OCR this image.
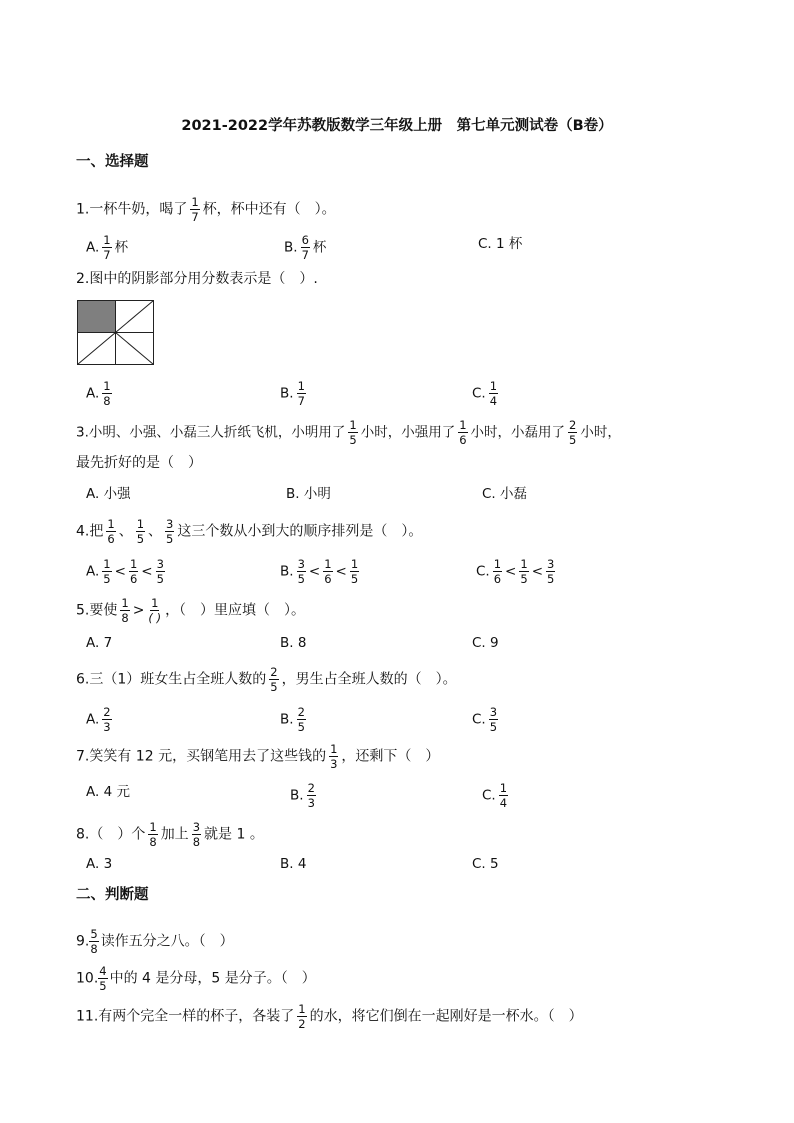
2021-2022学年苏教版数学三年级上册　第七单元测试卷（B卷）
一、选择题
1.一杯牛奶，喝了 $\frac{1}{7}$ 杯，杯中还有（　）。
A. $\frac{1}{7}$ 杯	B. $\frac{6}{7}$ 杯	C. 1 杯
2.图中的阴影部分用分数表示是（　）.
A. $\frac{1}{8}$	B. $\frac{1}{7}$	C. $\frac{1}{4}$
3.小明、小强、小磊三人折纸飞机，小明用了 $\frac{1}{5}$ 小时，小强用了 $\frac{1}{6}$ 小时，小磊用了 $\frac{2}{5}$ 小时，
最先折好的是（　）
A. 小强	B. 小明	C. 小磊
4.把 $\frac{1}{6}$ 、 $\frac{1}{5}$ 、 $\frac{3}{5}$ 这三个数从小到大的顺序排列是（　）。
A. $\frac{1}{5} < \frac{1}{6} < \frac{3}{5}$	B. $\frac{3}{5} < \frac{1}{6} < \frac{1}{5}$	C. $\frac{1}{6} < \frac{1}{5} < \frac{3}{5}$
5.要使 $\frac{1}{8} > 1$
( ) ，（　）里应填（　）。
A. 7	B. 8	C. 9
6.三（1）班女生占全班人数的 $\frac{2}{5}$ ，男生占全班人数的（　）。
A. $\frac{2}{3}$	B. $\frac{2}{5}$	C. $\frac{3}{5}$
7.笑笑有 12 元，买钢笔用去了这些钱的 $\frac{1}{3}$ ，还剩下（　）
A. 4 元	B. $\frac{2}{3}$	C. $\frac{1}{4}$
8.（　）个 $\frac{1}{8}$ 加上 $\frac{3}{8}$ 就是 1 。
A. 3	B. 4	C. 5
二、判断题
9. $\frac{5}{8}$ 读作五分之八。（　）
10. $\frac{4}{5}$ 中的 4 是分母，5 是分子。（　）
11.有两个完全一样的杯子，各装了 $\frac{1}{2}$ 的水，将它们倒在一起刚好是一杯水。（　）
